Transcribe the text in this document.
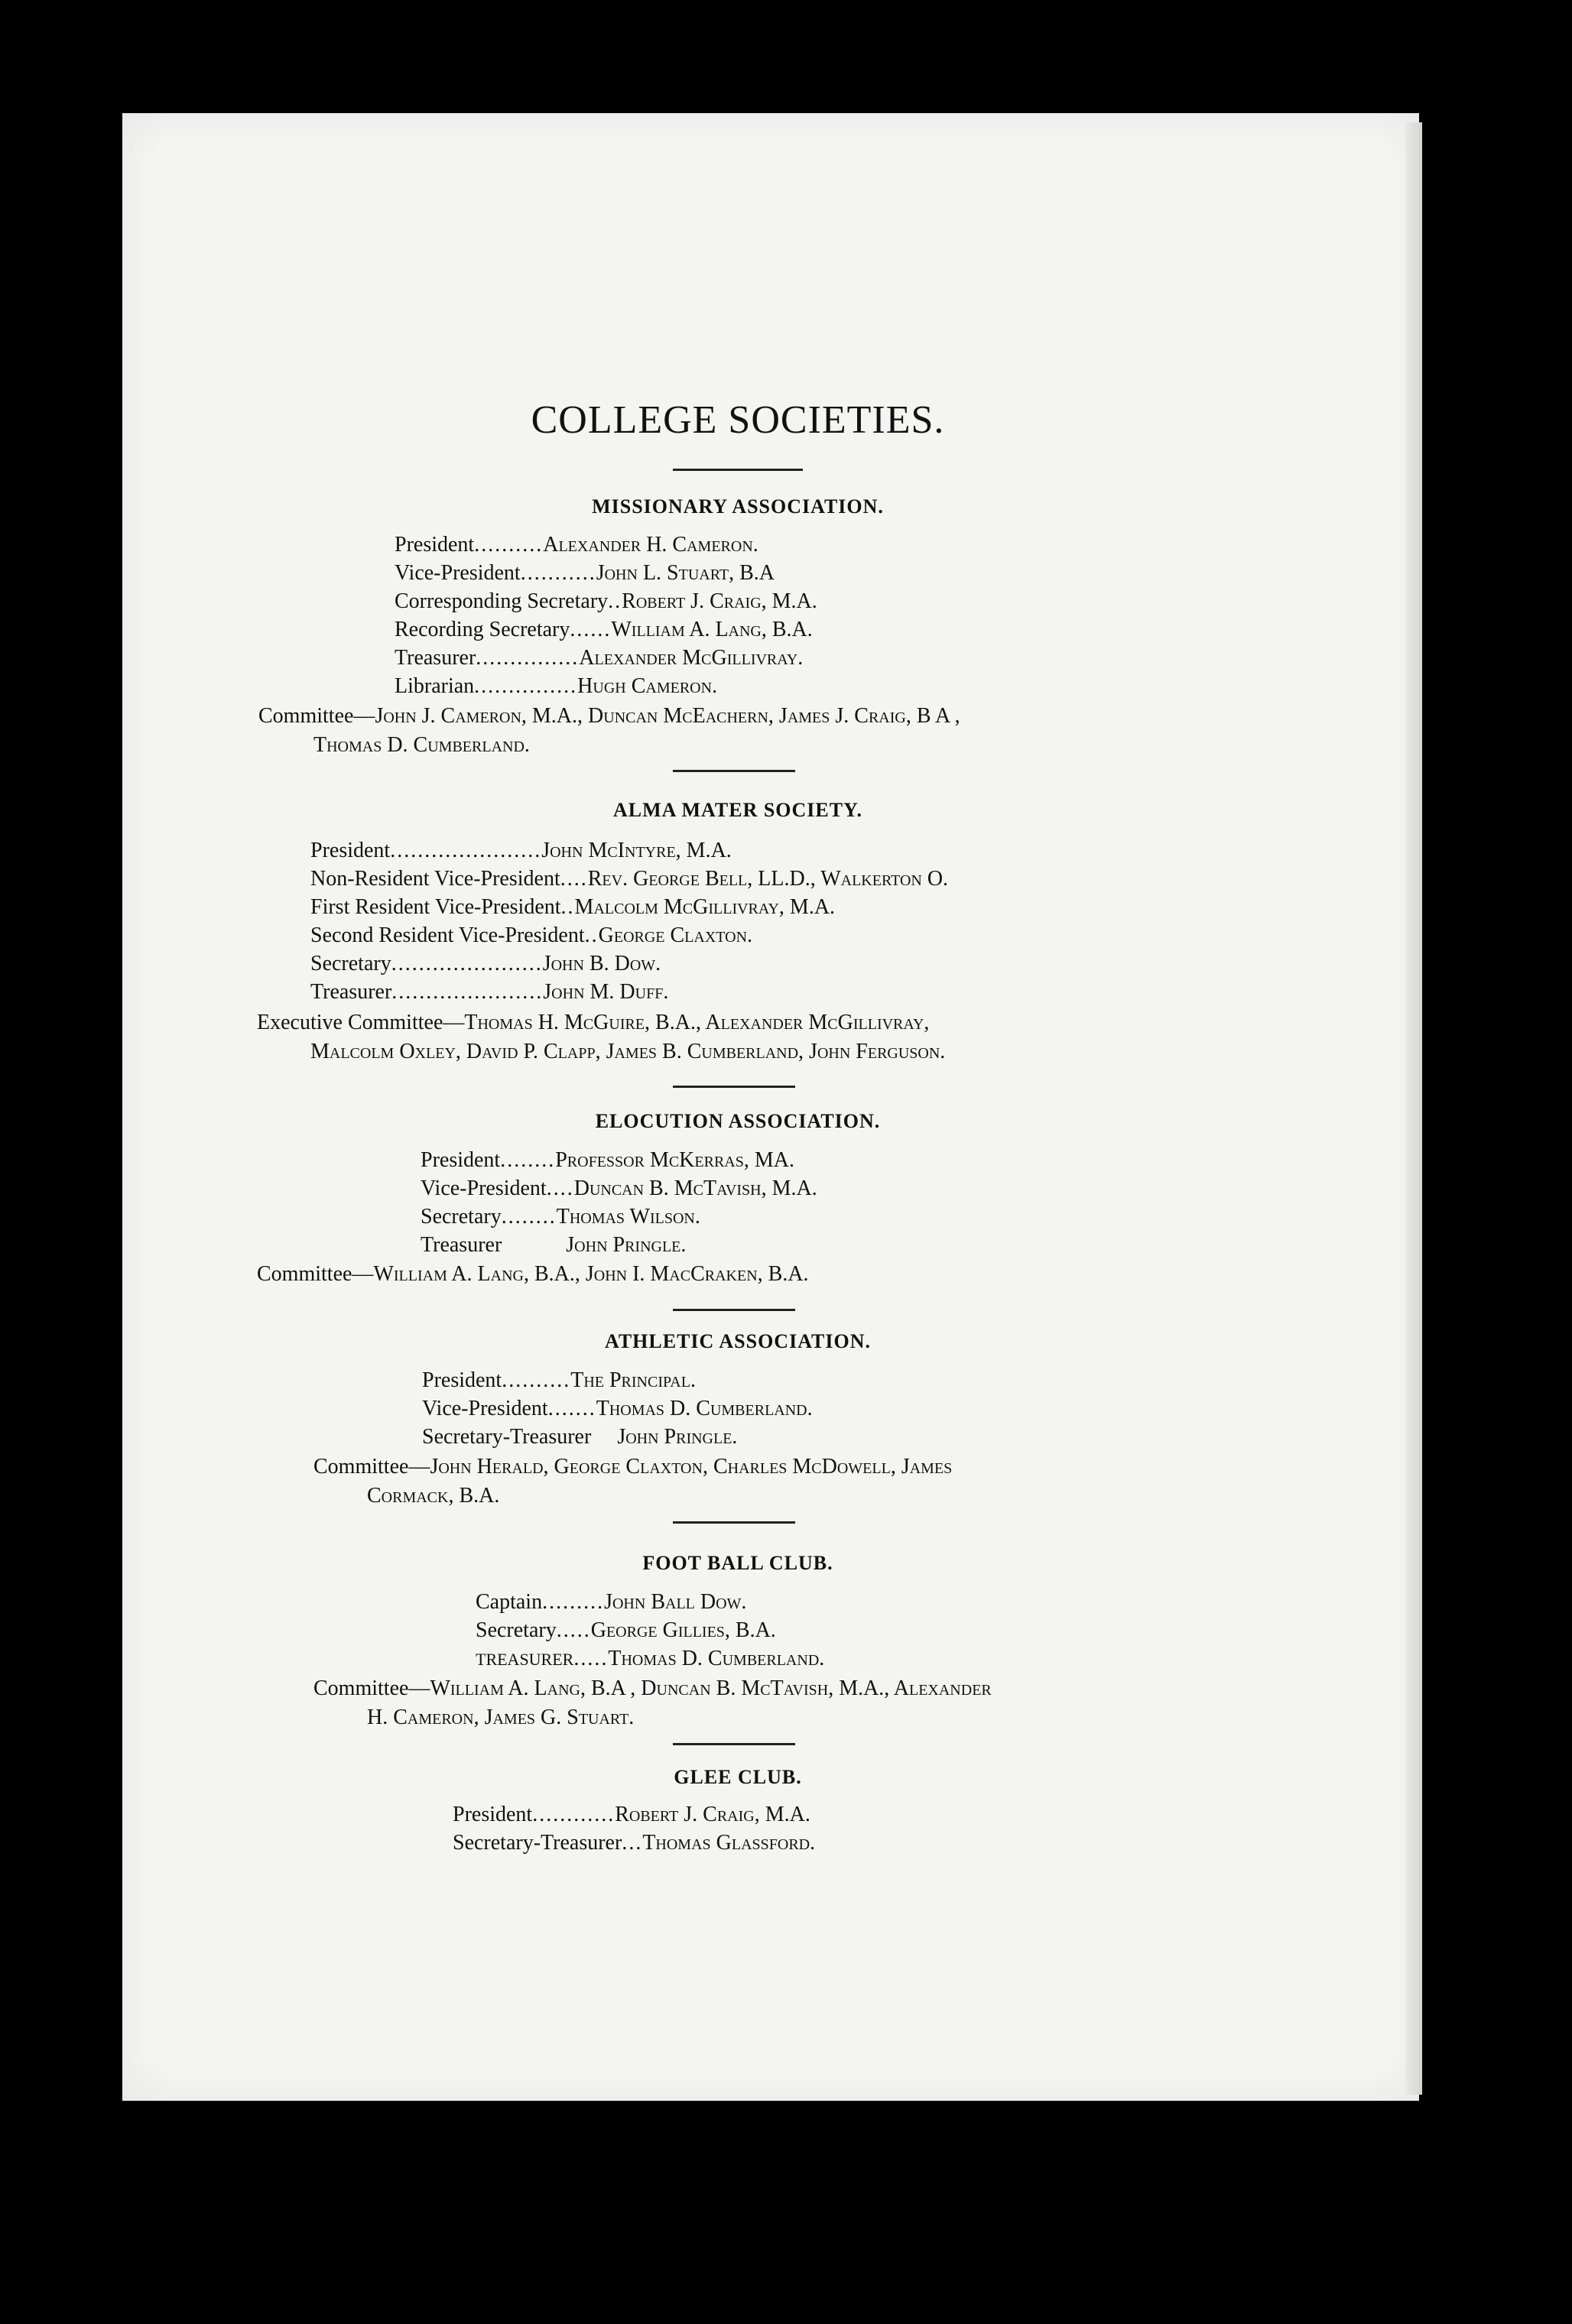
COLLEGE SOCIETIES.
MISSIONARY ASSOCIATION.
President..........Alexander H. Cameron.
Vice-President...........John L. Stuart, B.A
Corresponding Secretary..Robert J. Craig, M.A.
Recording Secretary......William A. Lang, B.A.
Treasurer...............Alexander McGillivray.
Librarian...............Hugh Cameron.
Committee—John J. Cameron, M.A., Duncan McEachern, James J. Craig, B A ,
Thomas D. Cumberland.
ALMA MATER SOCIETY.
President......................John McIntyre, M.A.
Non-Resident Vice-President....Rev. George Bell, LL.D., Walkerton O.
First Resident Vice-President..Malcolm McGillivray, M.A.
Second Resident Vice-President..George Claxton.
Secretary......................John B. Dow.
Treasurer......................John M. Duff.
Executive Committee—Thomas H. McGuire, B.A., Alexander McGillivray,
Malcolm Oxley, David P. Clapp, James B. Cumberland, John Ferguson.
ELOCUTION ASSOCIATION.
President........Professor McKerras, MA.
Vice-President....Duncan B. McTavish, M.A.
Secretary........Thomas Wilson.
Treasurer	John Pringle.
Committee—William A. Lang, B.A., John I. MacCraken, B.A.
ATHLETIC ASSOCIATION.
President..........The Principal.
Vice-President.......Thomas D. Cumberland.
Secretary-Treasurer John Pringle.
Committee—John Herald, George Claxton, Charles McDowell, James
Cormack, B.A.
FOOT BALL CLUB.
Captain.........John Ball Dow.
Secretary.....George Gillies, B.A.
TREASURER.....Thomas D. Cumberland.
Committee—William A. Lang, B.A , Duncan B. McTavish, M.A., Alexander
H. Cameron, James G. Stuart.
GLEE CLUB.
President............Robert J. Craig, M.A.
Secretary-Treasurer...Thomas Glassford.
